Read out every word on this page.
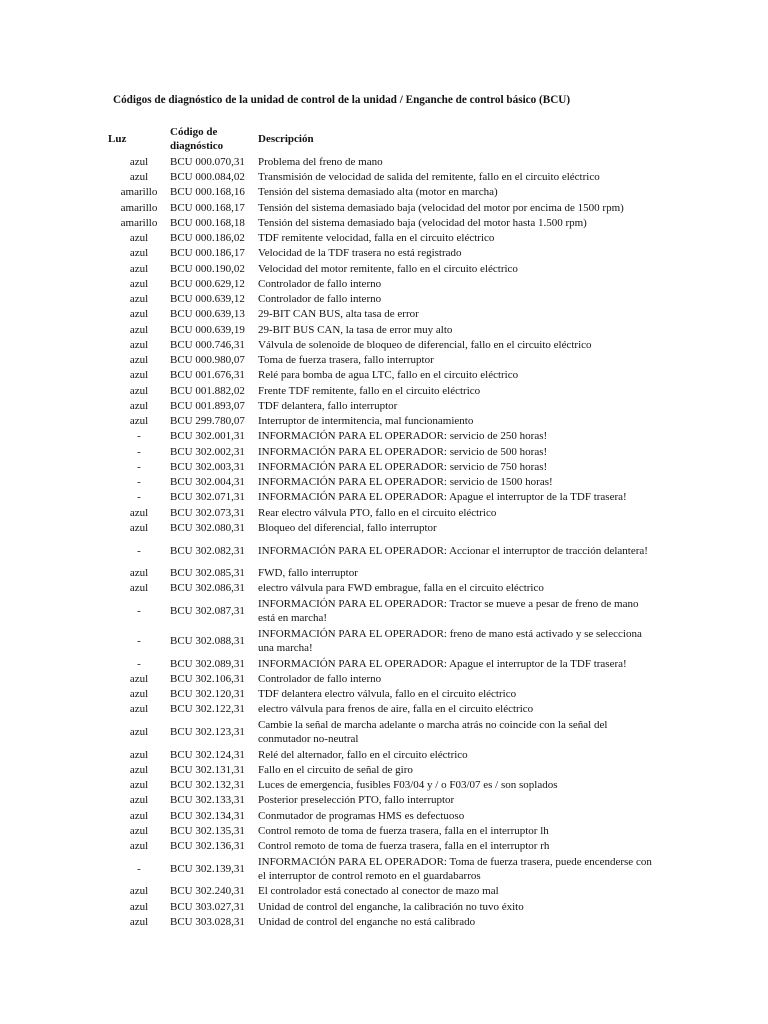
Códigos de diagnóstico de la unidad de control de la unidad / Enganche de control básico (BCU)
Luz	Código de diagnóstico	Descripción
azul	BCU 000.070,31	Problema del freno de mano
azul	BCU 000.084,02	Transmisión de velocidad de salida del remitente, fallo en el circuito eléctrico
amarillo	BCU 000.168,16	Tensión del sistema demasiado alta (motor en marcha)
amarillo	BCU 000.168,17	Tensión del sistema demasiado baja (velocidad del motor por encima de 1500 rpm)
amarillo	BCU 000.168,18	Tensión del sistema demasiado baja (velocidad del motor hasta 1.500 rpm)
azul	BCU 000.186,02	TDF remitente velocidad, falla en el circuito eléctrico
azul	BCU 000.186,17	Velocidad de la TDF trasera no está registrado
azul	BCU 000.190,02	Velocidad del motor remitente, fallo en el circuito eléctrico
azul	BCU 000.629,12	Controlador de fallo interno
azul	BCU 000.639,12	Controlador de fallo interno
azul	BCU 000.639,13	29-BIT CAN BUS, alta tasa de error
azul	BCU 000.639,19	29-BIT BUS CAN, la tasa de error muy alto
azul	BCU 000.746,31	Válvula de solenoide de bloqueo de diferencial, fallo en el circuito eléctrico
azul	BCU 000.980,07	Toma de fuerza trasera, fallo interruptor
azul	BCU 001.676,31	Relé para bomba de agua LTC, fallo en el circuito eléctrico
azul	BCU 001.882,02	Frente TDF remitente, fallo en el circuito eléctrico
azul	BCU 001.893,07	TDF delantera, fallo interruptor
azul	BCU 299.780,07	Interruptor de intermitencia, mal funcionamiento
-	BCU 302.001,31	INFORMACIÓN PARA EL OPERADOR: servicio de 250 horas!
-	BCU 302.002,31	INFORMACIÓN PARA EL OPERADOR: servicio de 500 horas!
-	BCU 302.003,31	INFORMACIÓN PARA EL OPERADOR: servicio de 750 horas!
-	BCU 302.004,31	INFORMACIÓN PARA EL OPERADOR: servicio de 1500 horas!
-	BCU 302.071,31	INFORMACIÓN PARA EL OPERADOR: Apague el interruptor de la TDF trasera!
azul	BCU 302.073,31	Rear electro válvula PTO, fallo en el circuito eléctrico
azul	BCU 302.080,31	Bloqueo del diferencial, fallo interruptor
-	BCU 302.082,31	INFORMACIÓN PARA EL OPERADOR: Accionar el interruptor de tracción delantera!
azul	BCU 302.085,31	FWD, fallo interruptor
azul	BCU 302.086,31	electro válvula para FWD embrague, falla en el circuito eléctrico
-	BCU 302.087,31	INFORMACIÓN PARA EL OPERADOR: Tractor se mueve a pesar de freno de mano está en marcha!
-	BCU 302.088,31	INFORMACIÓN PARA EL OPERADOR: freno de mano está activado y se selecciona una marcha!
-	BCU 302.089,31	INFORMACIÓN PARA EL OPERADOR: Apague el interruptor de la TDF trasera!
azul	BCU 302.106,31	Controlador de fallo interno
azul	BCU 302.120,31	TDF delantera electro válvula, fallo en el circuito eléctrico
azul	BCU 302.122,31	electro válvula para frenos de aire, falla en el circuito eléctrico
azul	BCU 302.123,31	Cambie la señal de marcha adelante o marcha atrás no coincide con la señal del conmutador no-neutral
azul	BCU 302.124,31	Relé del alternador, fallo en el circuito eléctrico
azul	BCU 302.131,31	Fallo en el circuito de señal de giro
azul	BCU 302.132,31	Luces de emergencia, fusibles F03/04 y / o F03/07 es / son soplados
azul	BCU 302.133,31	Posterior preselección PTO, fallo interruptor
azul	BCU 302.134,31	Conmutador de programas HMS es defectuoso
azul	BCU 302.135,31	Control remoto de toma de fuerza trasera, falla en el interruptor lh
azul	BCU 302.136,31	Control remoto de toma de fuerza trasera, falla en el interruptor rh
-	BCU 302.139,31	INFORMACIÓN PARA EL OPERADOR: Toma de fuerza trasera, puede encenderse con el interruptor de control remoto en el guardabarros
azul	BCU 302.240,31	El controlador está conectado al conector de mazo mal
azul	BCU 303.027,31	Unidad de control del enganche, la calibración no tuvo éxito
azul	BCU 303.028,31	Unidad de control del enganche no está calibrado
